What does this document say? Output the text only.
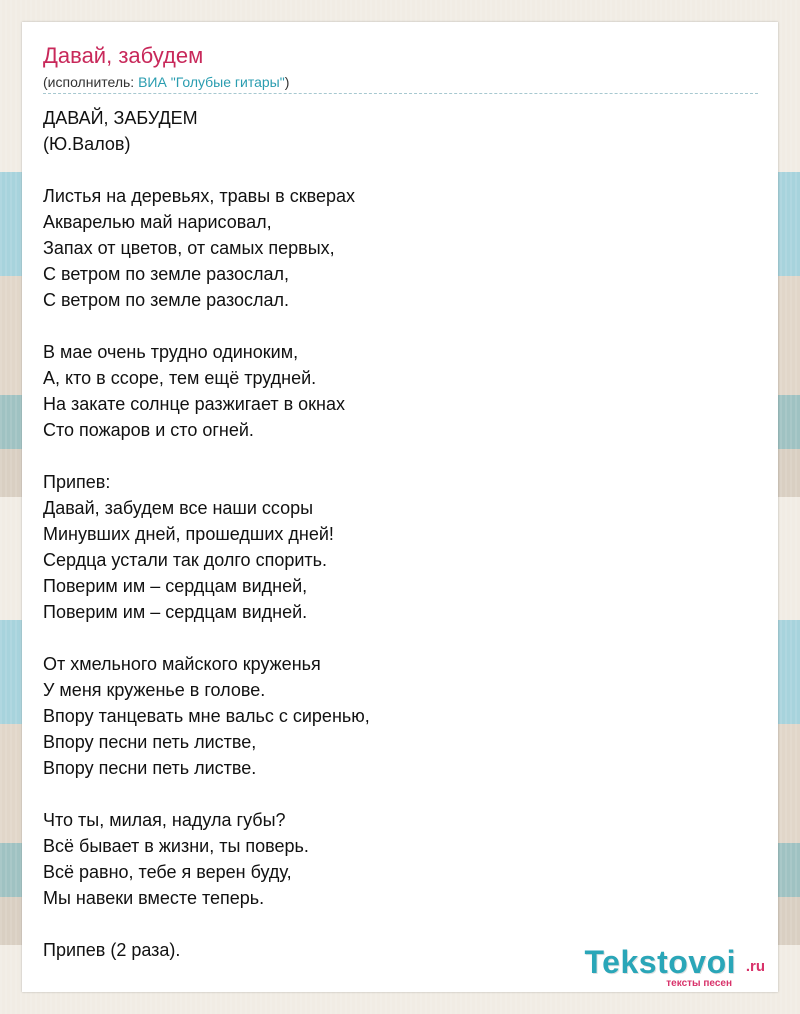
Давай, забудем
(исполнитель: ВИА "Голубые гитары")
ДАВАЙ, ЗАБУДЕМ
(Ю.Валов)
Листья на деревьях, травы в скверах
Акварелью май нарисовал,
Запах от цветов, от самых первых,
С ветром по земле разослал,
С ветром по земле разослал.
В мае очень трудно одиноким,
А, кто в ссоре, тем ещё трудней.
На закате солнце разжигает в окнах
Сто пожаров и сто огней.
Припев:
Давай, забудем все наши ссоры
Минувших дней, прошедших дней!
Сердца устали так долго спорить.
Поверим им – сердцам видней,
Поверим им – сердцам видней.
От хмельного майского круженья
У меня круженье в голове.
Впору танцевать мне вальс с сиренью,
Впору песни петь листве,
Впору песни петь листве.
Что ты, милая, надула губы?
Всё бывает в жизни, ты поверь.
Всё равно, тебе я верен буду,
Мы навеки вместе теперь.
Припев (2 раза).	Tekstovoi .ru
тексты песен
